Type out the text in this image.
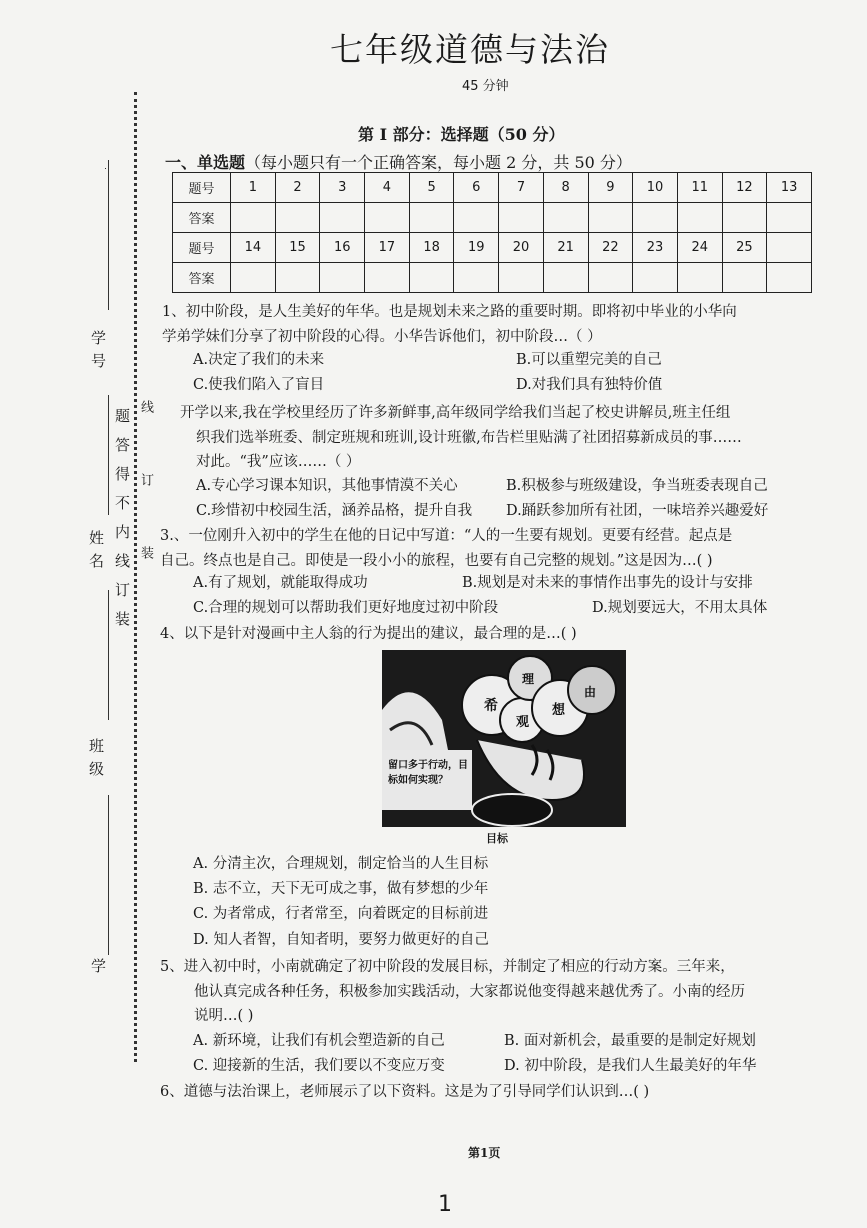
七年级道德与法治
45 分钟
第 I 部分：选择题（50 分）
一、单选题（每小题只有一个正确答案，每小题 2 分，共 50 分）
学号
姓名
班级
学
题答得不内线订装 线订装
题号	1	2	3	4	5	6	7	8	9	10	11	12	13
答案													
题号	14	15	16	17	18	19	20	21	22	23	24	25	
答案													
1、初中阶段，是人生美好的年华。也是规划未来之路的重要时期。即将初中毕业的小华向
学弟学妹们分享了初中阶段的心得。小华告诉他们，初中阶段…（ ）
A.决定了我们的未来	B.可以重塑完美的自己
C.使我们陷入了盲目	D.对我们具有独特价值
开学以来,我在学校里经历了许多新鲜事,高年级同学给我们当起了校史讲解员,班主任组
织我们选举班委、制定班规和班训,设计班徽,布告栏里贴满了社团招募新成员的事……
对此。“我”应该……（ ）
A.专心学习课本知识，其他事情漠不关心	B.积极参与班级建设，争当班委表现自己
C.珍惜初中校园生活，涵养品格，提升自我 D.踊跃参加所有社团，一味培养兴趣爱好
3.、一位刚升入初中的学生在他的日记中写道：“人的一生要有规划。更要有经营。起点是
自己。终点也是自己。即使是一段小小的旅程，也要有自己完整的规划。”这是因为…( )
A.有了规划，就能取得成功	B.规划是对未来的事情作出事先的设计与安排
C.合理的规划可以帮助我们更好地度过初中阶段	D.规划要远大，不用太具体
4、以下是针对漫画中主人翁的行为提出的建议，最合理的是…( )
希
观
理
想
由
留口多于行动，目标如何实现？
目标
A. 分清主次，合理规划，制定恰当的人生目标
B. 志不立，天下无可成之事，做有梦想的少年
C. 为者常成，行者常至，向着既定的目标前进
D. 知人者智，自知者明，要努力做更好的自己
5、进入初中时，小南就确定了初中阶段的发展目标，并制定了相应的行动方案。三年来，
他认真完成各种任务，积极参加实践活动，大家都说他变得越来越优秀了。小南的经历
说明…( )
A. 新环境，让我们有机会塑造新的自己	B. 面对新机会，最重要的是制定好规划
C. 迎接新的生活，我们要以不变应万变	D. 初中阶段，是我们人生最美好的年华
6、道德与法治课上，老师展示了以下资料。这是为了引导同学们认识到…( )
第1页
1
